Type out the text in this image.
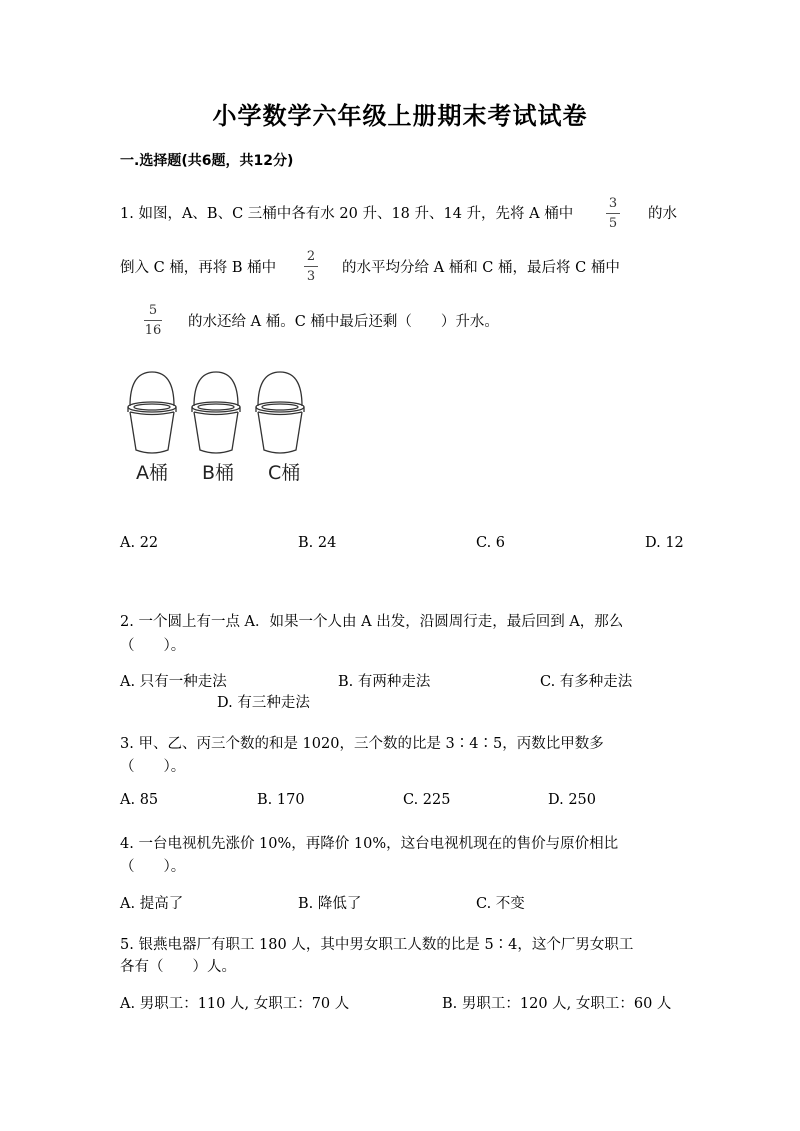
小学数学六年级上册期末考试试卷
一.选择题(共6题，共12分)
1. 如图，A、B、C 三桶中各有水 20 升、18 升、14 升，先将 A 桶中
3
5
的水
倒入 C 桶，再将 B 桶中
2
3
的水平均分给 A 桶和 C 桶，最后将 C 桶中
5
16
的水还给 A 桶。C 桶中最后还剩（　　）升水。
A桶 B桶 C桶
A. 22	B. 24	C. 6	D. 12
2. 一个圆上有一点 A．如果一个人由 A 出发，沿圆周行走，最后回到 A，那么
（　　）。
A. 只有一种走法	B. 有两种走法	C. 有多种走法
D. 有三种走法
3. 甲、乙、丙三个数的和是 1020，三个数的比是 3∶4∶5，丙数比甲数多
（　　）。
A. 85	B. 170	C. 225	D. 250
4. 一台电视机先涨价 10%，再降价 10%，这台电视机现在的售价与原价相比
（　　）。
A. 提高了	B. 降低了	C. 不变
5. 银燕电器厂有职工 180 人，其中男女职工人数的比是 5∶4，这个厂男女职工
各有（　　）人。
A. 男职工：110 人, 女职工：70 人	B. 男职工：120 人, 女职工：60 人
